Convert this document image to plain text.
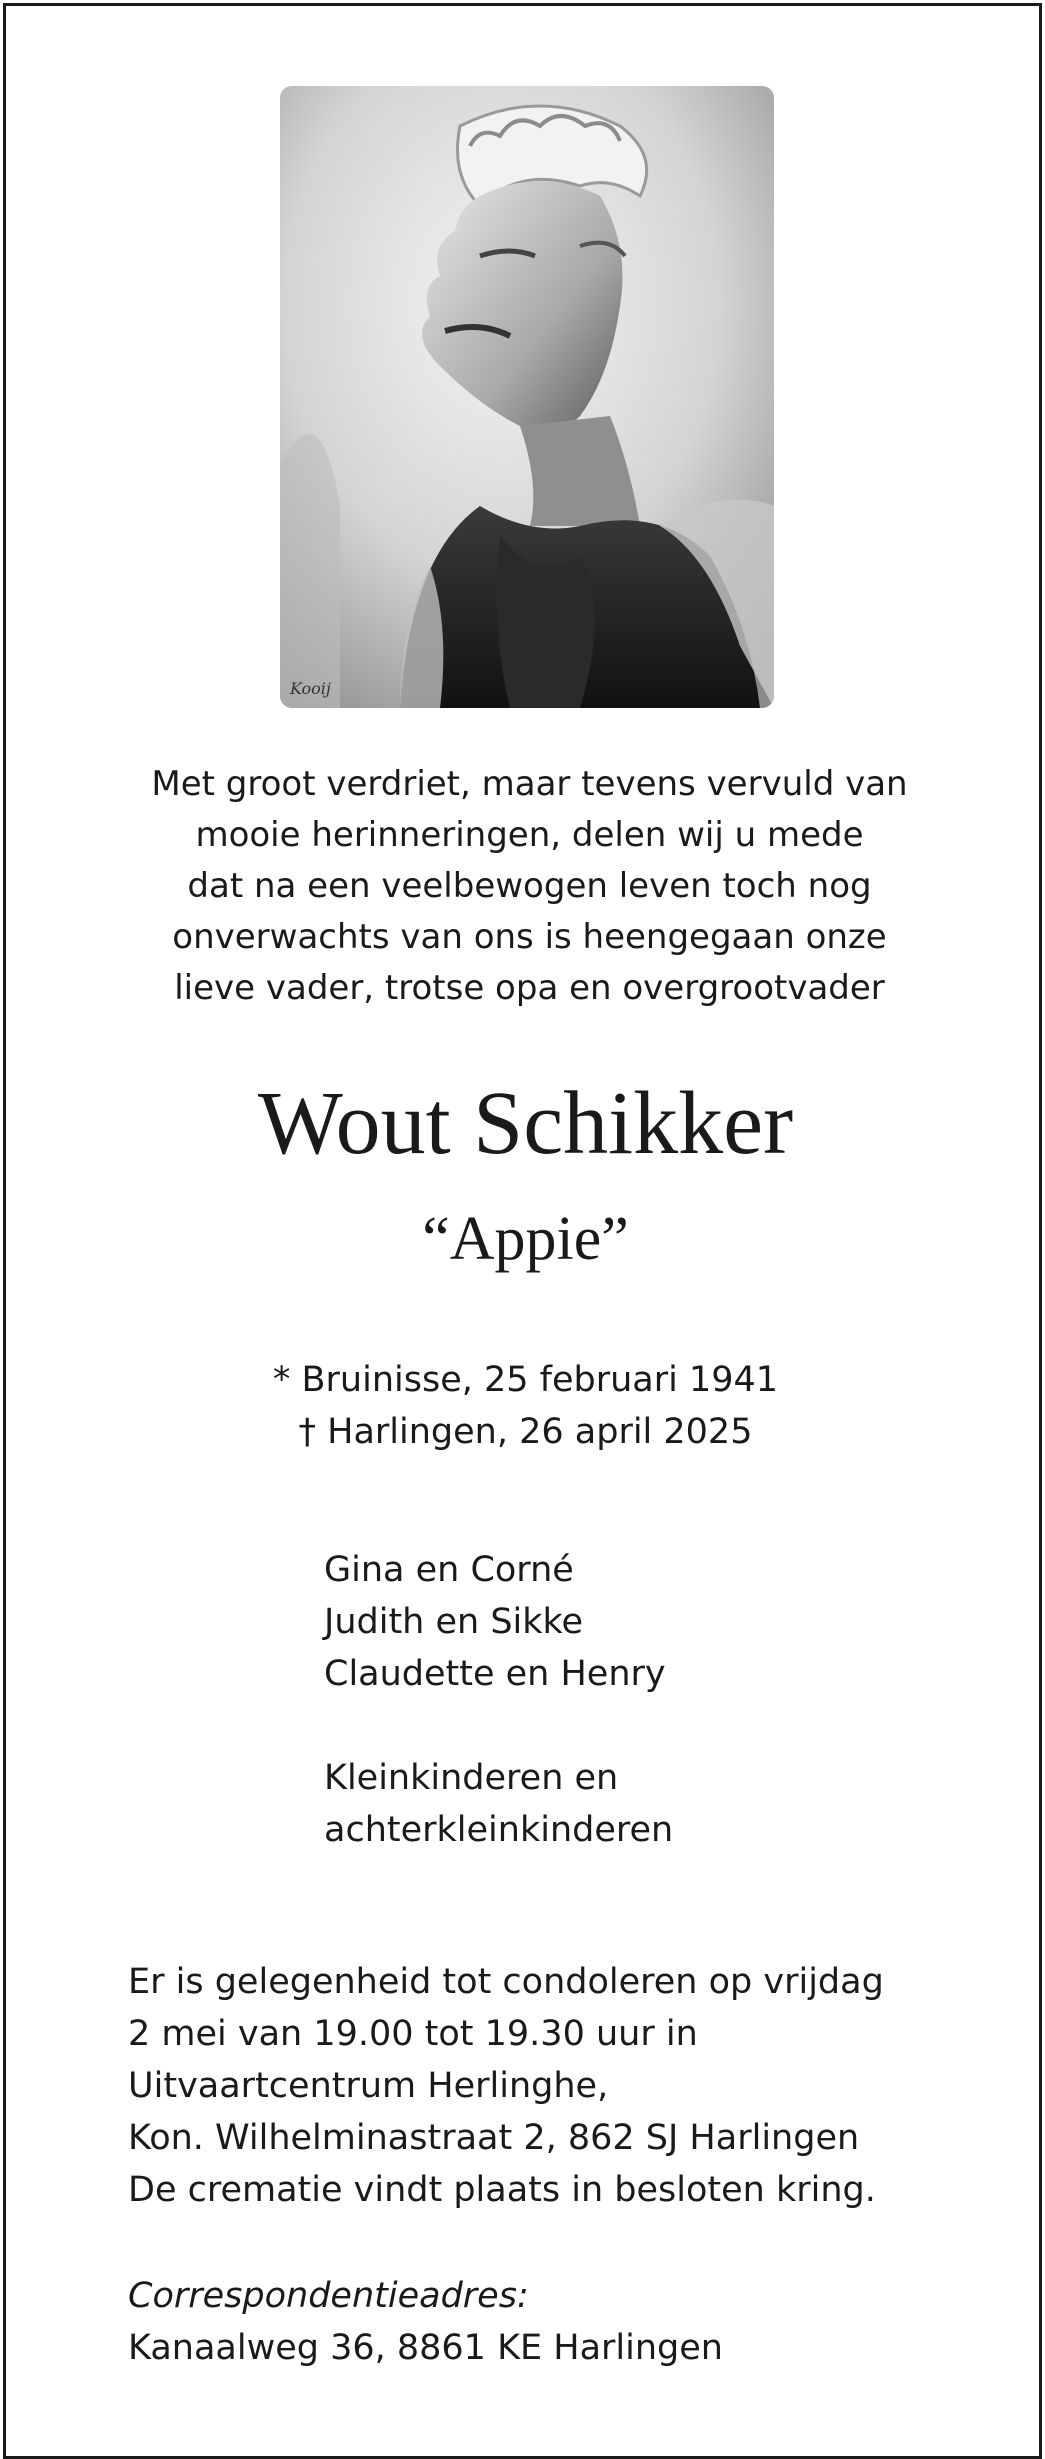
Kooij
Met groot verdriet, maar tevens vervuld van
mooie herinneringen, delen wij u mede
dat na een veelbewogen leven toch nog
onverwachts van ons is heengegaan onze
lieve vader, trotse opa en overgrootvader
Wout Schikker
“Appie”
* Bruinisse, 25 februari 1941
† Harlingen, 26 april 2025
Gina en Corné
Judith en Sikke
Claudette en Henry
Kleinkinderen en
achterkleinkinderen
Er is gelegenheid tot condoleren op vrijdag
2 mei van 19.00 tot 19.30 uur in
Uitvaartcentrum Herlinghe,
Kon. Wilhelminastraat 2, 862 SJ Harlingen
De crematie vindt plaats in besloten kring.
Correspondentieadres:
Kanaalweg 36, 8861 KE Harlingen
